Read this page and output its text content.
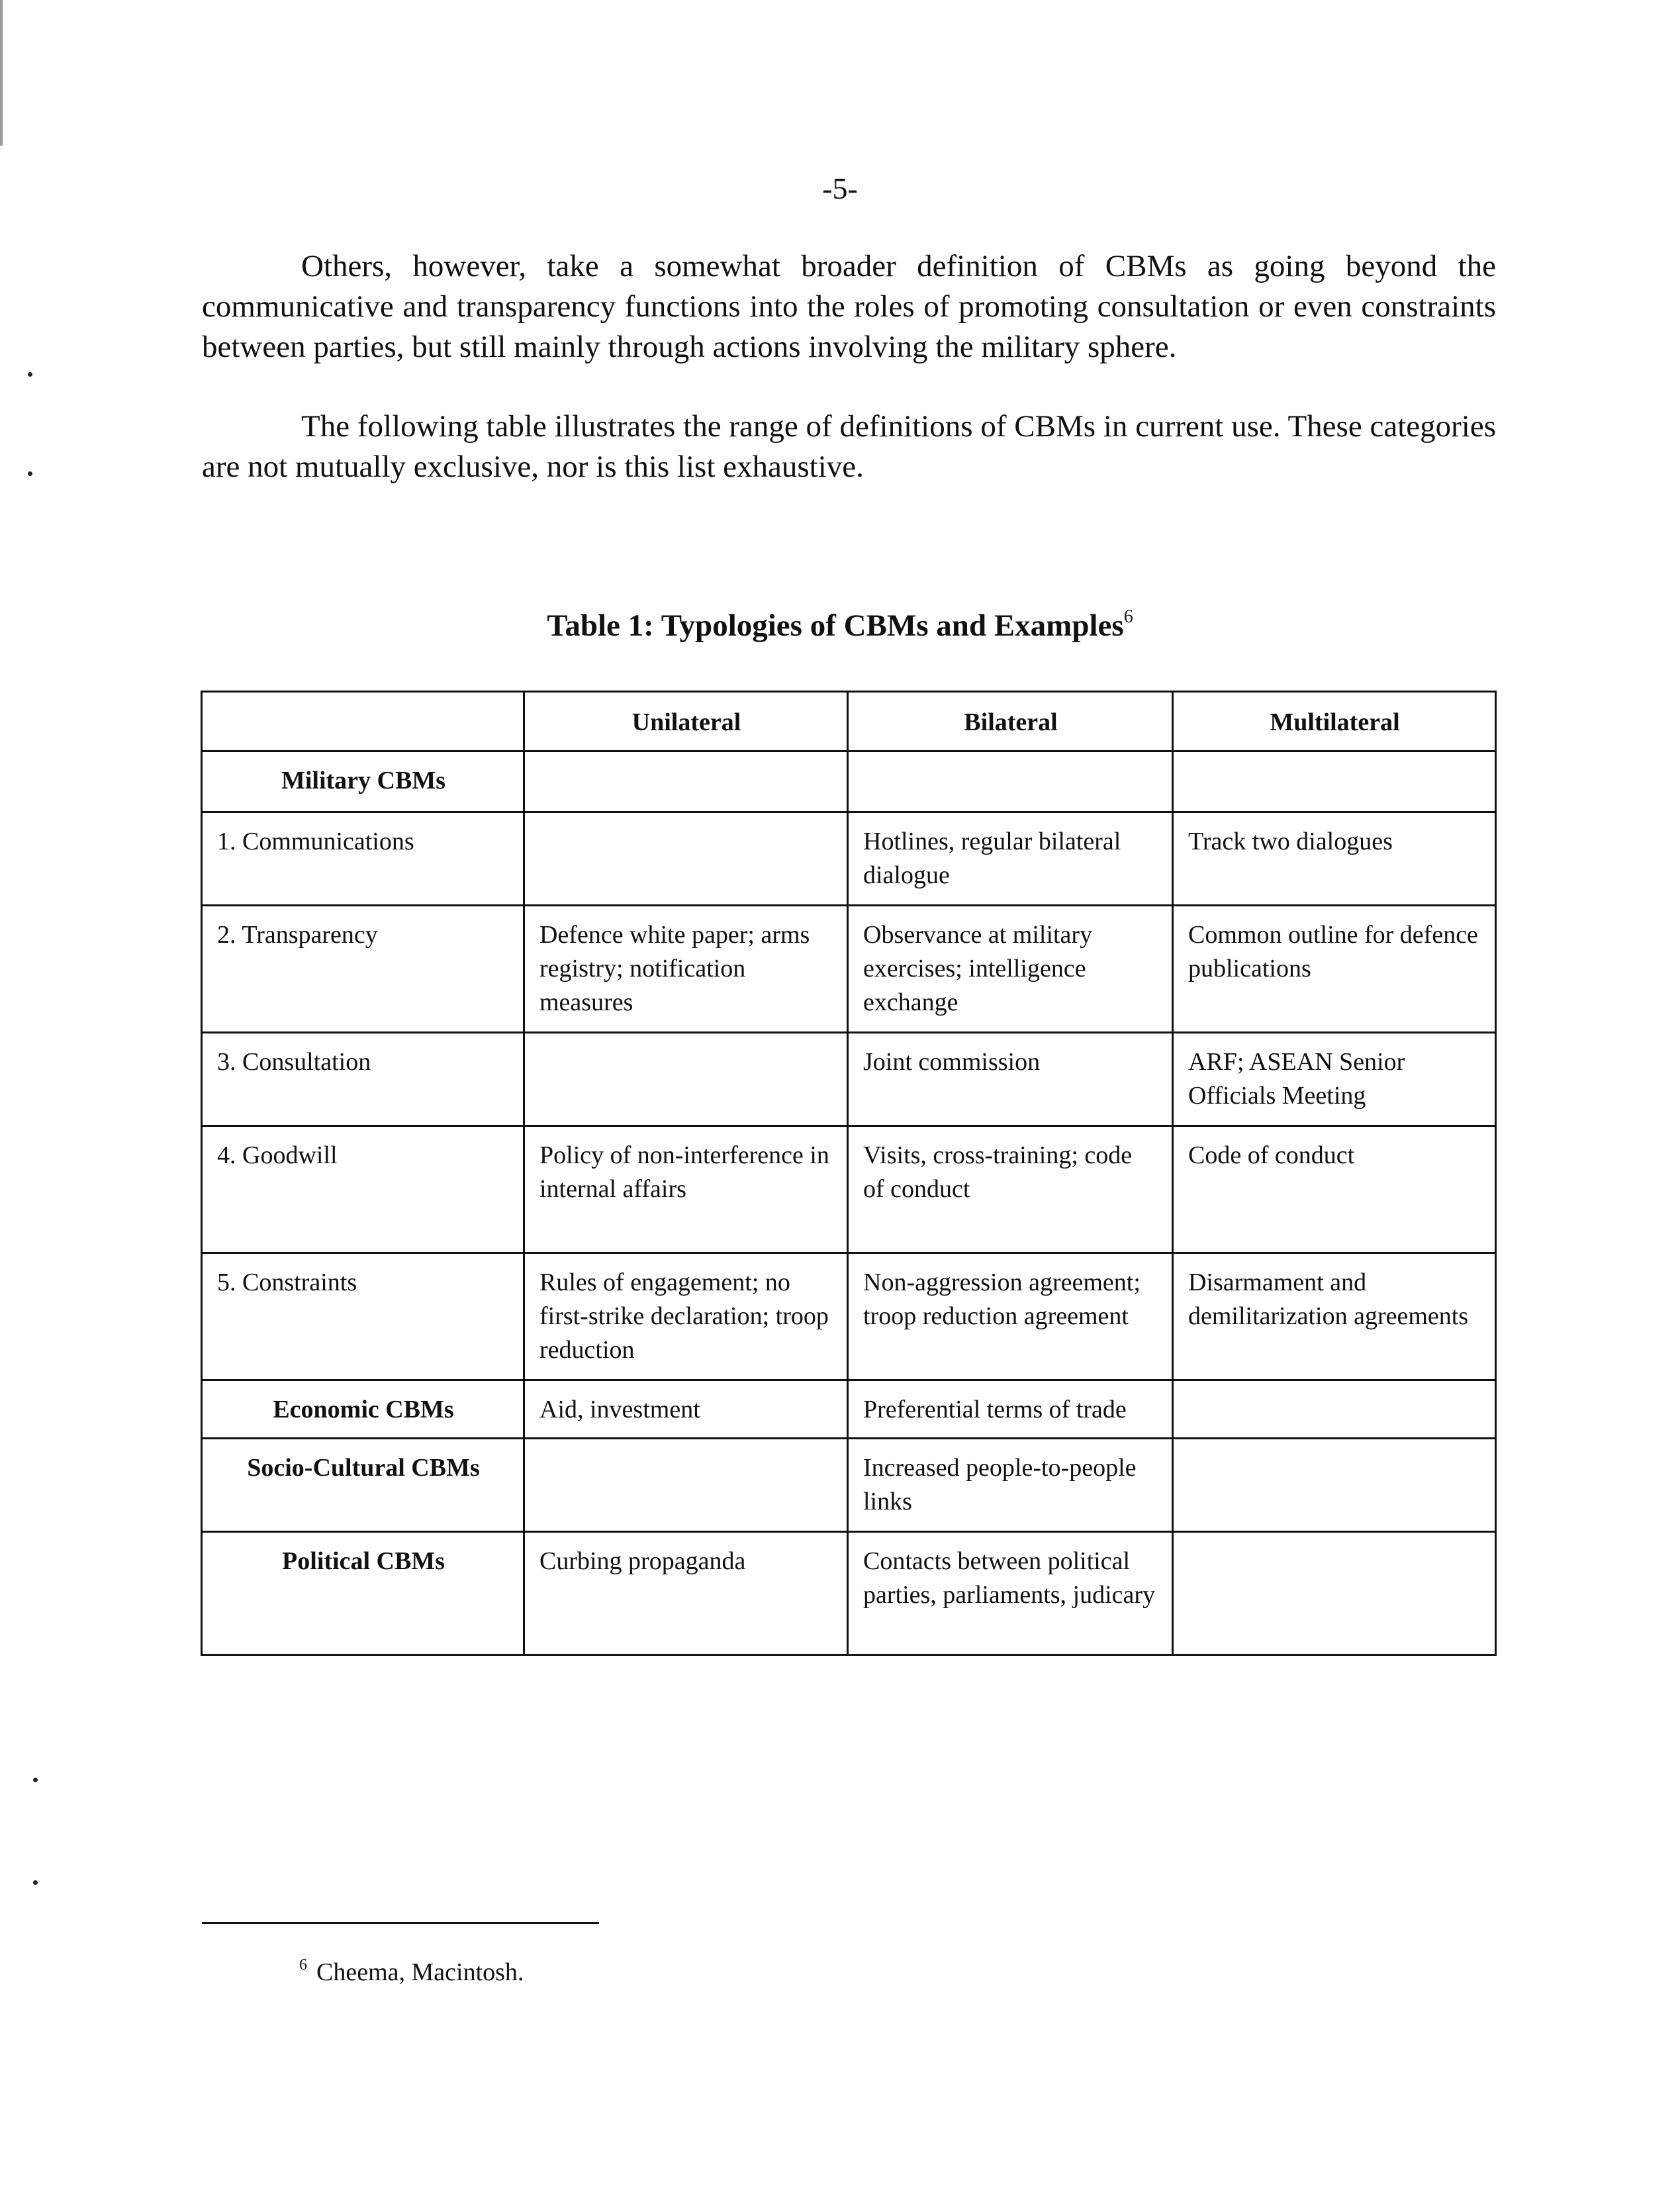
-5-

Others, however, take a somewhat broader definition of CBMs as going beyond the communicative and transparency functions into the roles of promoting consultation or even constraints between parties, but still mainly through actions involving the military sphere.

The following table illustrates the range of definitions of CBMs in current use. These categories are not mutually exclusive, nor is this list exhaustive.

Table 1: Typologies of CBMs and Examples$^6$
	Unilateral	Bilateral	Multilateral
Military CBMs			
1. Communications		Hotlines, regular bilateral dialogue	Track two dialogues
2. Transparency	Defence white paper; arms registry; notification measures	Observance at military exercises; intelligence exchange	Common outline for defence publications
3. Consultation		Joint commission	ARF; ASEAN Senior Officials Meeting
4. Goodwill	Policy of non-interference in internal affairs	Visits, cross-training; code of conduct	Code of conduct
5. Constraints	Rules of engagement; no first-strike declaration; troop reduction	Non-aggression agreement; troop reduction agreement	Disarmament and demilitarization agreements
Economic CBMs	Aid, investment	Preferential terms of trade	
Socio-Cultural CBMs		Increased people-to-people links	
Political CBMs	Curbing propaganda	Contacts between political parties, parliaments, judicary	
$^6$ Cheema, Macintosh.
